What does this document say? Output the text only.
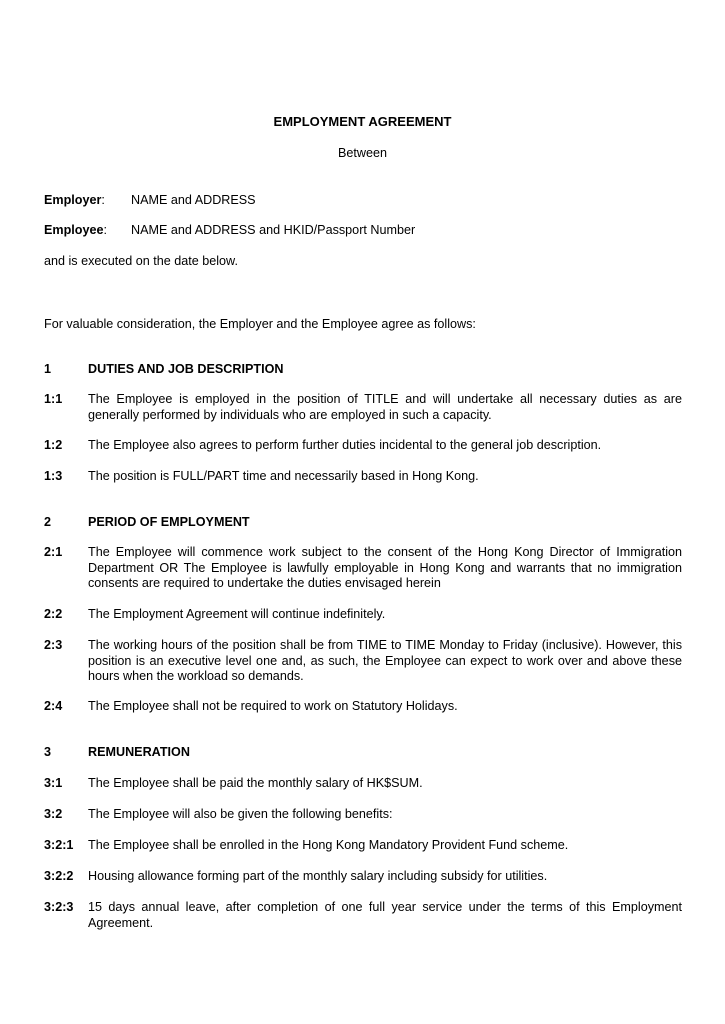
EMPLOYMENT AGREEMENT
Between
Employer: NAME and ADDRESS
Employee: NAME and ADDRESS and HKID/Passport Number
and is executed on the date below.
For valuable consideration, the Employer and the Employee agree as follows:
1	DUTIES AND JOB DESCRIPTION
1:1 The Employee is employed in the position of TITLE and will undertake all necessary duties as are generally performed by individuals who are employed in such a capacity.
1:2 The Employee also agrees to perform further duties incidental to the general job description.
1:3 The position is FULL/PART time and necessarily based in Hong Kong.
2	PERIOD OF EMPLOYMENT
2:1 The Employee will commence work subject to the consent of the Hong Kong Director of Immigration Department OR The Employee is lawfully employable in Hong Kong and warrants that no immigration consents are required to undertake the duties envisaged herein
2:2 The Employment Agreement will continue indefinitely.
2:3 The working hours of the position shall be from TIME to TIME Monday to Friday (inclusive). However, this position is an executive level one and, as such, the Employee can expect to work over and above these hours when the workload so demands.
2:4 The Employee shall not be required to work on Statutory Holidays.
3	REMUNERATION
3:1 The Employee shall be paid the monthly salary of HK$SUM.
3:2 The Employee will also be given the following benefits:
3:2:1 The Employee shall be enrolled in the Hong Kong Mandatory Provident Fund scheme.
3:2:2 Housing allowance forming part of the monthly salary including subsidy for utilities.
3:2:3 15 days annual leave, after completion of one full year service under the terms of this Employment Agreement.
